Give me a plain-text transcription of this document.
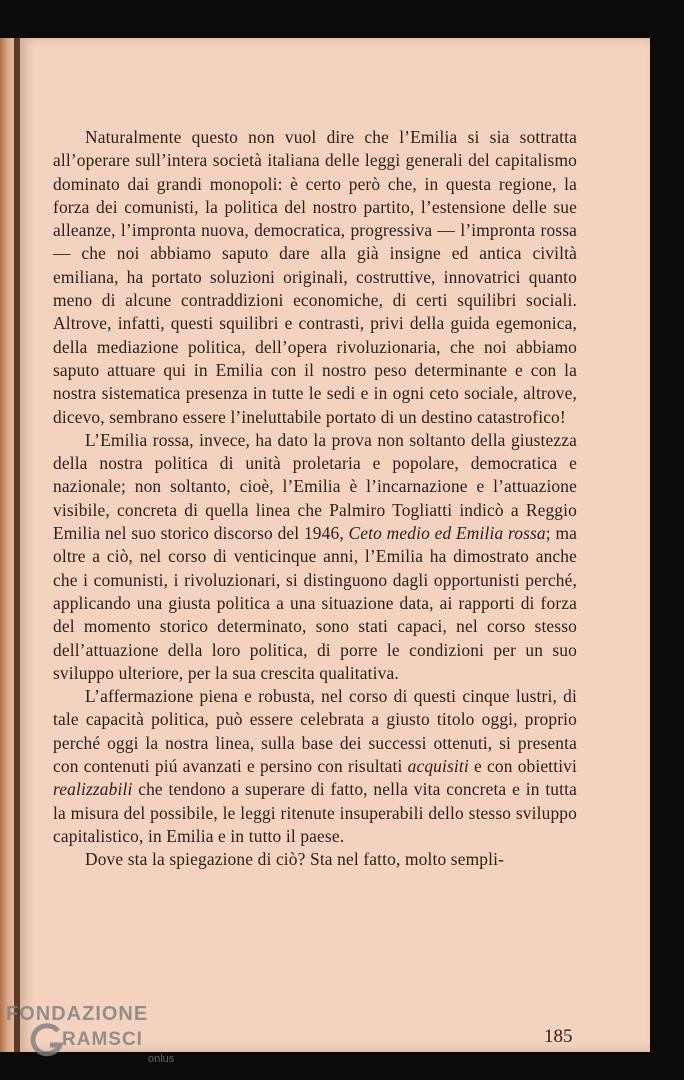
Naturalmente questo non vuol dire che l’Emilia si sia sottratta all’operare sull’intera società italiana delle leggi generali del capitalismo dominato dai grandi monopoli: è certo però che, in questa regione, la forza dei comunisti, la politica del nostro partito, l’estensione delle sue alleanze, l’impronta nuova, democratica, progressiva — l’impronta rossa — che noi abbiamo saputo dare alla già insigne ed antica civiltà emiliana, ha portato soluzioni originali, costruttive, innovatrici quanto meno di alcune contraddizioni economiche, di certi squilibri sociali. Altrove, infatti, questi squilibri e contrasti, privi della guida egemonica, della mediazione politica, dell’opera rivoluzionaria, che noi abbiamo saputo attuare qui in Emilia con il nostro peso determinante e con la nostra sistematica presenza in tutte le sedi e in ogni ceto sociale, altrove, dicevo, sembrano essere l’ineluttabile portato di un destino catastrofico!

L’Emilia rossa, invece, ha dato la prova non soltanto della giustezza della nostra politica di unità proletaria e popolare, democratica e nazionale; non soltanto, cioè, l’Emilia è l’incarnazione e l’attuazione visibile, concreta di quella linea che Palmiro Togliatti indicò a Reggio Emilia nel suo storico discorso del 1946, Ceto medio ed Emilia rossa; ma oltre a ciò, nel corso di venticinque anni, l’Emilia ha dimostrato anche che i comunisti, i rivoluzionari, si distinguono dagli opportunisti perché, applicando una giusta politica a una situazione data, ai rapporti di forza del momento storico determinato, sono stati capaci, nel corso stesso dell’attuazione della loro politica, di porre le condizioni per un suo sviluppo ulteriore, per la sua crescita qualitativa.

L’affermazione piena e robusta, nel corso di questi cinque lustri, di tale capacità politica, può essere celebrata a giusto titolo oggi, proprio perché oggi la nostra linea, sulla base dei successi ottenuti, si presenta con contenuti piú avanzati e persino con risultati acquisiti e con obiettivi realizzabili che tendono a superare di fatto, nella vita concreta e in tutta la misura del possibile, le leggi ritenute insuperabili dello stesso sviluppo capitalistico, in Emilia e in tutto il paese.

Dove sta la spiegazione di ciò? Sta nel fatto, molto sempli-

185
FONDAZIONE
RAMSCI
onlus
